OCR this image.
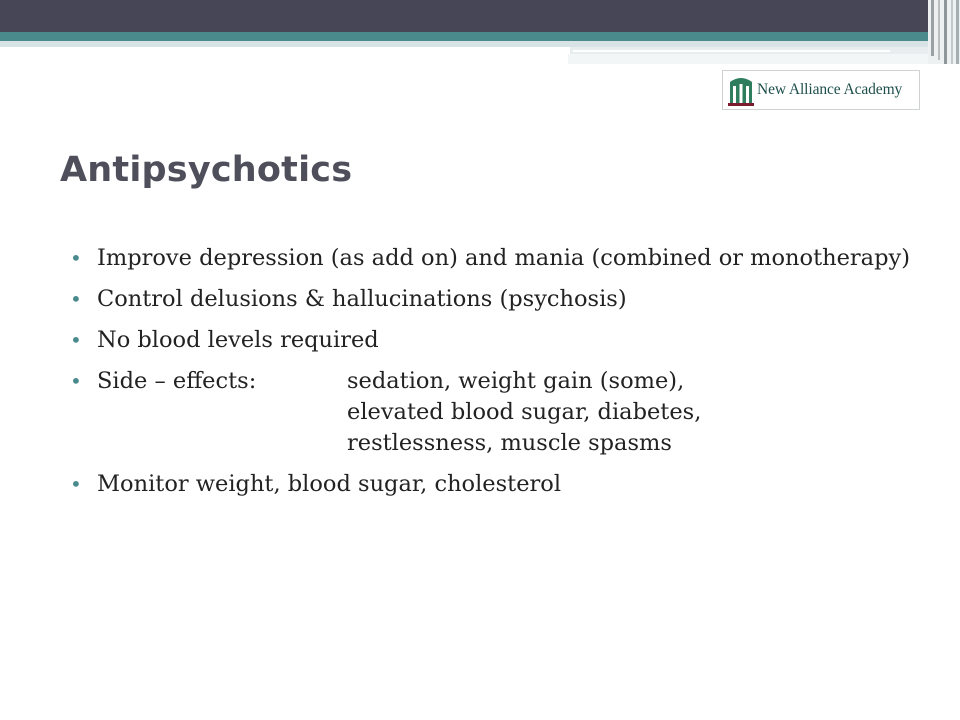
New Alliance Academy
Antipsychotics
• Improve depression (as add on) and mania (combined or monotherapy)
• Control delusions & hallucinations (psychosis)
• No blood levels required
• Side – effects:	sedation, weight gain (some),
elevated blood sugar, diabetes,
restlessness, muscle spasms
• Monitor weight, blood sugar, cholesterol
